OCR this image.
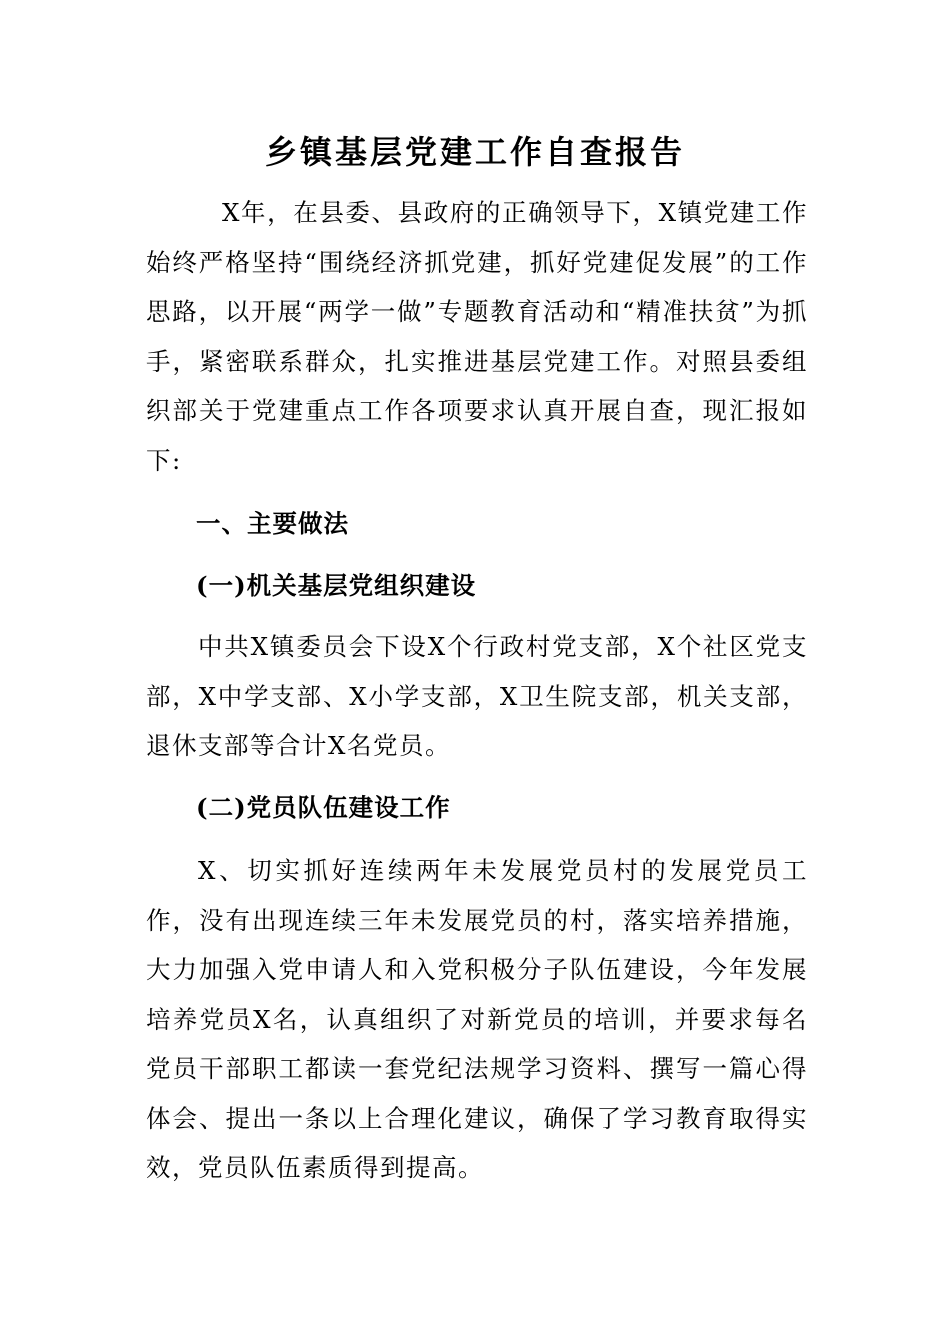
乡镇基层党建工作自查报告

X年，在县委、县政府的正确领导下，X镇党建工作始终严格坚持“围绕经济抓党建，抓好党建促发展”的工作思路，以开展“两学一做”专题教育活动和“精准扶贫”为抓手，紧密联系群众，扎实推进基层党建工作。对照县委组织部关于党建重点工作各项要求认真开展自查，现汇报如下:

一、主要做法
(一)机关基层党组织建设

中共X镇委员会下设X个行政村党支部，X个社区党支部，X中学支部、X小学支部，X卫生院支部，机关支部，退休支部等合计X名党员。

(二)党员队伍建设工作

X、切实抓好连续两年未发展党员村的发展党员工作，没有出现连续三年未发展党员的村，落实培养措施，大力加强入党申请人和入党积极分子队伍建设，今年发展培养党员X名，认真组织了对新党员的培训，并要求每名党员干部职工都读一套党纪法规学习资料、撰写一篇心得体会、提出一条以上合理化建议，确保了学习教育取得实效，党员队伍素质得到提高。
